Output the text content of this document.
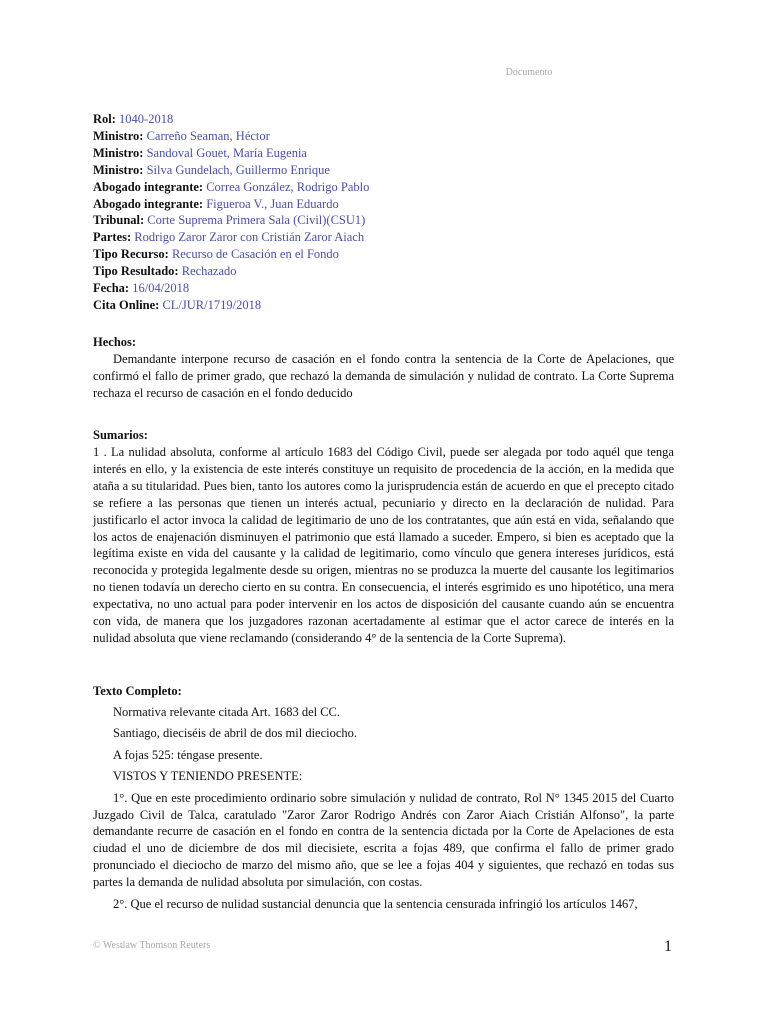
Documento
Rol: 1040-2018
Ministro: Carreño Seaman, Héctor
Ministro: Sandoval Gouet, María Eugenia
Ministro: Silva Gundelach, Guillermo Enrique
Abogado integrante: Correa González, Rodrigo Pablo
Abogado integrante: Figueroa V., Juan Eduardo
Tribunal: Corte Suprema Primera Sala (Civil)(CSU1)
Partes: Rodrigo Zaror Zaror con Cristián Zaror Aiach
Tipo Recurso: Recurso de Casación en el Fondo
Tipo Resultado: Rechazado
Fecha: 16/04/2018
Cita Online: CL/JUR/1719/2018
Hechos:

Demandante interpone recurso de casación en el fondo contra la sentencia de la Corte de Apelaciones, que confirmó el fallo de primer grado, que rechazó la demanda de simulación y nulidad de contrato. La Corte Suprema rechaza el recurso de casación en el fondo deducido

Sumarios:

1 . La nulidad absoluta, conforme al artículo 1683 del Código Civil, puede ser alegada por todo aquél que tenga interés en ello, y la existencia de este interés constituye un requisito de procedencia de la acción, en la medida que ataña a su titularidad. Pues bien, tanto los autores como la jurisprudencia están de acuerdo en que el precepto citado se refiere a las personas que tienen un interés actual, pecuniario y directo en la declaración de nulidad. Para justificarlo el actor invoca la calidad de legitimario de uno de los contratantes, que aún está en vida, señalando que los actos de enajenación disminuyen el patrimonio que está llamado a suceder. Empero, si bien es aceptado que la legítima existe en vida del causante y la calidad de legitimario, como vínculo que genera intereses jurídicos, está reconocida y protegida legalmente desde su origen, mientras no se produzca la muerte del causante los legitimarios no tienen todavía un derecho cierto en su contra. En consecuencia, el interés esgrimido es uno hipotético, una mera expectativa, no uno actual para poder intervenir en los actos de disposición del causante cuando aún se encuentra con vida, de manera que los juzgadores razonan acertadamente al estimar que el actor carece de interés en la nulidad absoluta que viene reclamando (considerando 4° de la sentencia de la Corte Suprema).

Texto Completo:

Normativa relevante citada Art. 1683 del CC.

Santiago, dieciséis de abril de dos mil dieciocho.

A fojas 525: téngase presente.

VISTOS Y TENIENDO PRESENTE:

1°. Que en este procedimiento ordinario sobre simulación y nulidad de contrato, Rol N° 1345 2015 del Cuarto Juzgado Civil de Talca, caratulado "Zaror Zaror Rodrigo Andrés con Zaror Aiach Cristián Alfonso", la parte demandante recurre de casación en el fondo en contra de la sentencia dictada por la Corte de Apelaciones de esta ciudad el uno de diciembre de dos mil diecisiete, escrita a fojas 489, que confirma el fallo de primer grado pronunciado el dieciocho de marzo del mismo año, que se lee a fojas 404 y siguientes, que rechazó en todas sus partes la demanda de nulidad absoluta por simulación, con costas.

2°. Que el recurso de nulidad sustancial denuncia que la sentencia censurada infringió los artículos 1467,

© Westlaw Thomson Reuters	1
